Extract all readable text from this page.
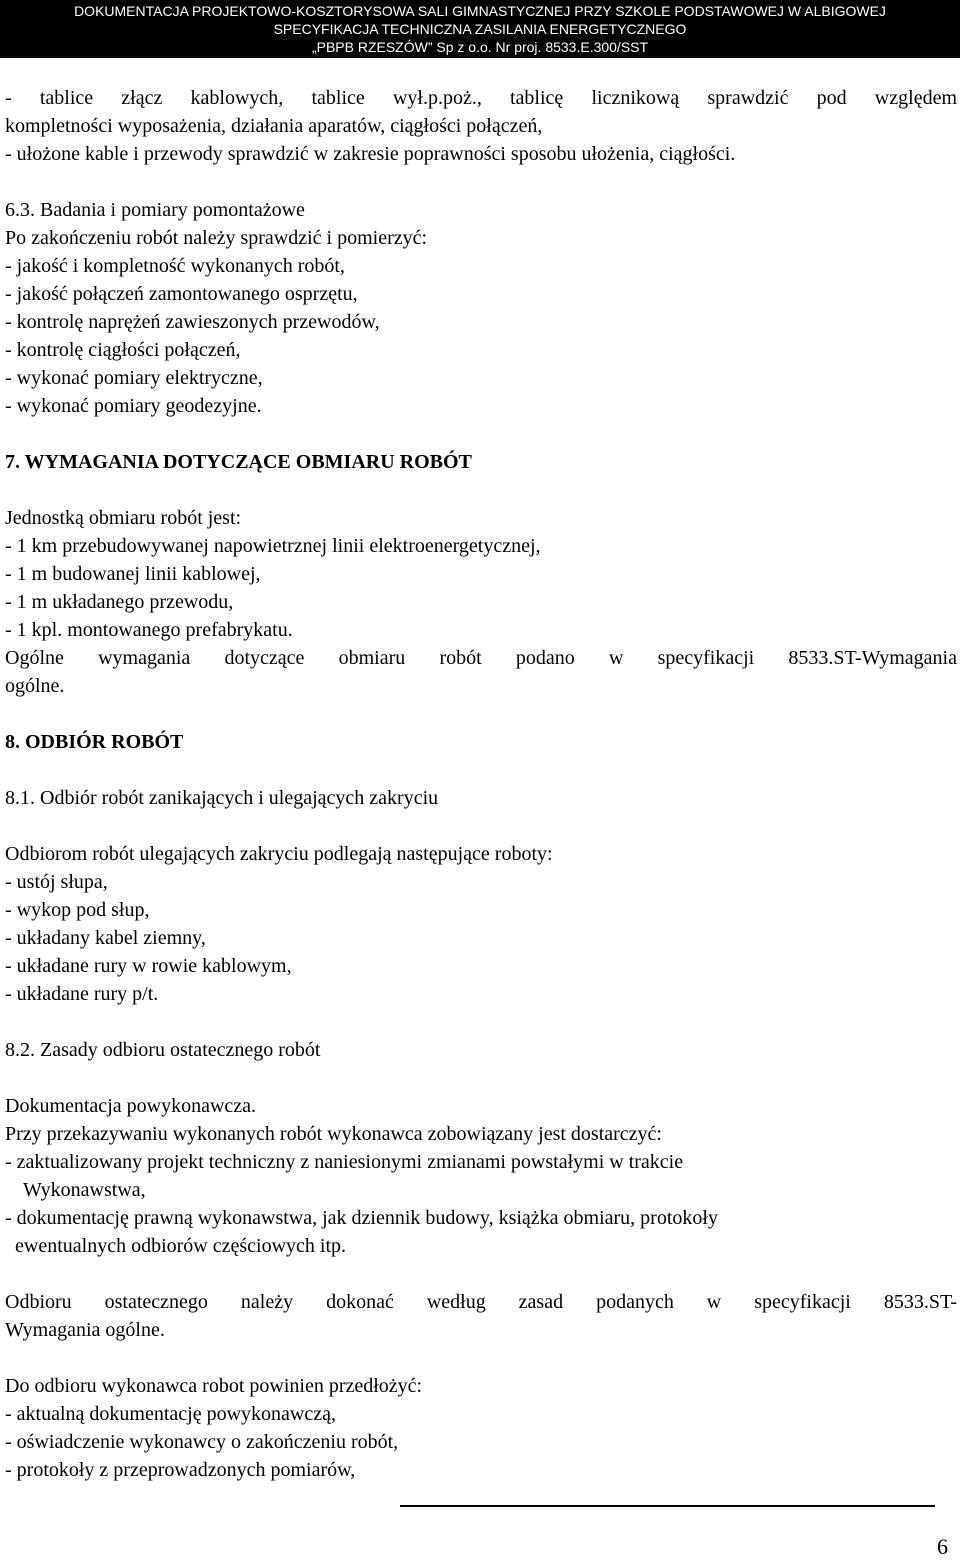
DOKUMENTACJA PROJEKTOWO-KOSZTORYSOWA SALI GIMNASTYCZNEJ PRZY SZKOLE PODSTAWOWEJ W ALBIGOWEJ
SPECYFIKACJA TECHNICZNA ZASILANIA ENERGETYCZNEGO
„PBPB RZESZÓW” Sp z o.o. Nr proj. 8533.E.300/SST
- tablice złącz kablowych, tablice wył.p.poż., tablicę licznikową sprawdzić pod względem
kompletności wyposażenia, działania aparatów, ciągłości połączeń,
- ułożone kable i przewody sprawdzić w zakresie poprawności sposobu ułożenia, ciągłości.
6.3. Badania i pomiary pomontażowe
Po zakończeniu robót należy sprawdzić i pomierzyć:
- jakość i kompletność wykonanych robót,
- jakość połączeń zamontowanego osprzętu,
- kontrolę naprężeń zawieszonych przewodów,
- kontrolę ciągłości połączeń,
- wykonać pomiary elektryczne,
- wykonać pomiary geodezyjne.
7. WYMAGANIA DOTYCZĄCE OBMIARU ROBÓT
Jednostką obmiaru robót jest:
- 1 km przebudowywanej napowietrznej linii elektroenergetycznej,
- 1 m budowanej linii kablowej,
- 1 m układanego przewodu,
- 1 kpl. montowanego prefabrykatu.
Ogólne wymagania dotyczące obmiaru robót podano w specyfikacji 8533.ST-Wymagania
ogólne.
8. ODBIÓR ROBÓT
8.1. Odbiór robót zanikających i ulegających zakryciu
Odbiorom robót ulegających zakryciu podlegają następujące roboty:
- ustój słupa,
- wykop pod słup,
- układany kabel ziemny,
- układane rury w rowie kablowym,
- układane rury p/t.
8.2. Zasady odbioru ostatecznego robót
Dokumentacja powykonawcza.
Przy przekazywaniu wykonanych robót wykonawca zobowiązany jest dostarczyć:
- zaktualizowany projekt techniczny z naniesionymi zmianami powstałymi w trakcie
Wykonawstwa,
- dokumentację prawną wykonawstwa, jak dziennik budowy, książka obmiaru, protokoły
ewentualnych odbiorów częściowych itp.
Odbioru ostatecznego należy dokonać według zasad podanych w specyfikacji 8533.ST-
Wymagania ogólne.
Do odbioru wykonawca robot powinien przedłożyć:
- aktualną dokumentację powykonawczą,
- oświadczenie wykonawcy o zakończeniu robót,
- protokoły z przeprowadzonych pomiarów,
6
